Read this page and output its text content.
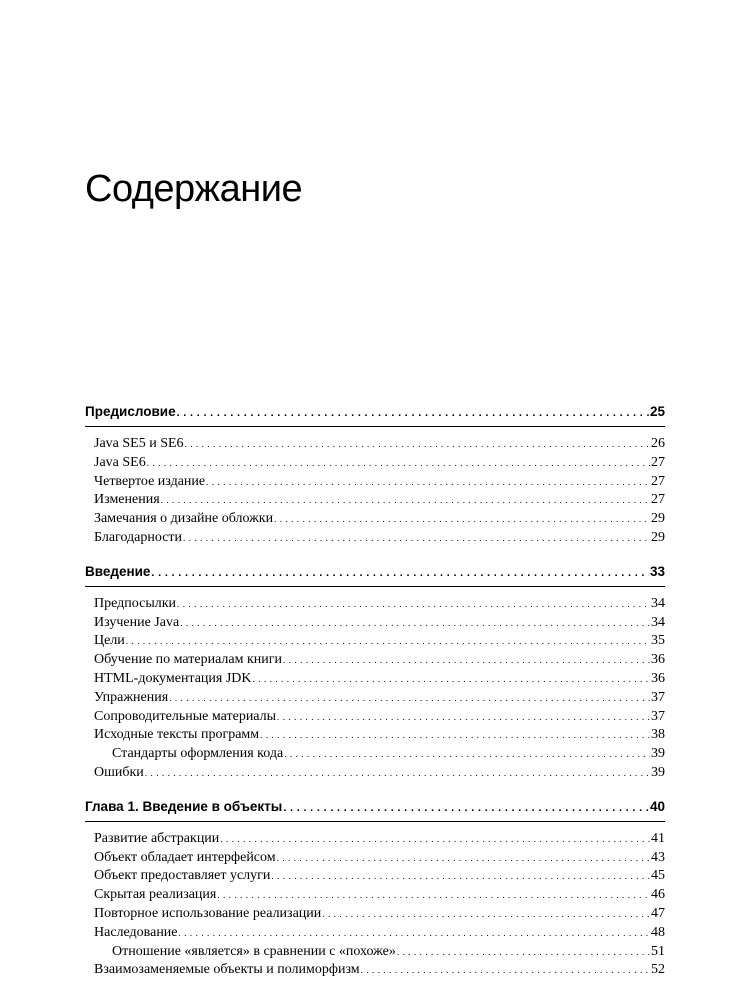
Содержание
Предисловие . . .	25
Java SE5 и SE6 . . .	26
Java SE6 . . .	27
Четвертое издание . . .	27
Изменения . . .	27
Замечания о дизайне обложки . . .	29
Благодарности . . .	29
Введение . . .	33
Предпосылки . . .	34
Изучение Java . . .	34
Цели . . .	35
Обучение по материалам книги . . .	36
HTML-документация JDK . . .	36
Упражнения . . .	37
Сопроводительные материалы . . .	37
Исходные тексты программ . . .	38
Стандарты оформления кода . . .	39
Ошибки . . .	39
Глава 1. Введение в объекты . . .	40
Развитие абстракции . . .	41
Объект обладает интерфейсом . . .	43
Объект предоставляет услуги . . .	45
Скрытая реализация . . .	46
Повторное использование реализации . . .	47
Наследование . . .	48
Отношение «является» в сравнении с «похоже» . . .	51
Взаимозаменяемые объекты и полиморфизм . . .	52
